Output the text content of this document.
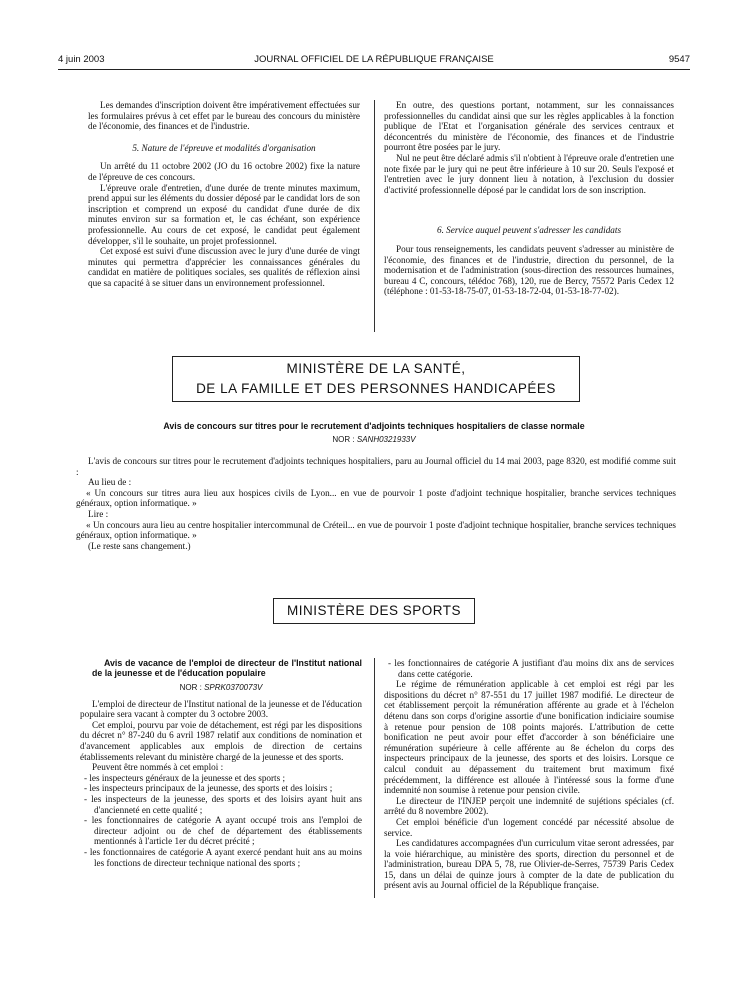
4 juin 2003	JOURNAL OFFICIEL DE LA RÉPUBLIQUE FRANÇAISE	9547

Les demandes d'inscription doivent être impérativement effectuées sur les formulaires prévus à cet effet par le bureau des concours du ministère de l'économie, des finances et de l'industrie.

5. Nature de l'épreuve et modalités d'organisation

Un arrêté du 11 octobre 2002 (JO du 16 octobre 2002) fixe la nature de l'épreuve de ces concours.

L'épreuve orale d'entretien, d'une durée de trente minutes maximum, prend appui sur les éléments du dossier déposé par le candidat lors de son inscription et comprend un exposé du candidat d'une durée de dix minutes environ sur sa formation et, le cas échéant, son expérience professionnelle. Au cours de cet exposé, le candidat peut également développer, s'il le souhaite, un projet professionnel.

Cet exposé est suivi d'une discussion avec le jury d'une durée de vingt minutes qui permettra d'apprécier les connaissances générales du candidat en matière de politiques sociales, ses qualités de réflexion ainsi que sa capacité à se situer dans un environnement professionnel.

En outre, des questions portant, notamment, sur les connaissances professionnelles du candidat ainsi que sur les règles applicables à la fonction publique de l'Etat et l'organisation générale des services centraux et déconcentrés du ministère de l'économie, des finances et de l'industrie pourront être posées par le jury.

Nul ne peut être déclaré admis s'il n'obtient à l'épreuve orale d'entretien une note fixée par le jury qui ne peut être inférieure à 10 sur 20. Seuls l'exposé et l'entretien avec le jury donnent lieu à notation, à l'exclusion du dossier d'activité professionnelle déposé par le candidat lors de son inscription.

6. Service auquel peuvent s'adresser les candidats

Pour tous renseignements, les candidats peuvent s'adresser au ministère de l'économie, des finances et de l'industrie, direction du personnel, de la modernisation et de l'administration (sous-direction des ressources humaines, bureau 4 C, concours, télédoc 768), 120, rue de Bercy, 75572 Paris Cedex 12 (téléphone : 01-53-18-75-07, 01-53-18-72-04, 01-53-18-77-02).

MINISTÈRE DE LA SANTÉ,
DE LA FAMILLE ET DES PERSONNES HANDICAPÉES
Avis de concours sur titres pour le recrutement d'adjoints techniques hospitaliers de classe normale
NOR : SANH0321933V

L'avis de concours sur titres pour le recrutement d'adjoints techniques hospitaliers, paru au Journal officiel du 14 mai 2003, page 8320, est modifié comme suit :

Au lieu de :

« Un concours sur titres aura lieu aux hospices civils de Lyon... en vue de pourvoir 1 poste d'adjoint technique hospitalier, branche services techniques généraux, option informatique. »

Lire :

« Un concours aura lieu au centre hospitalier intercommunal de Créteil... en vue de pourvoir 1 poste d'adjoint technique hospitalier, branche services techniques généraux, option informatique. »

(Le reste sans changement.)

MINISTÈRE DES SPORTS

Avis de vacance de l'emploi de directeur de l'Institut national de la jeunesse et de l'éducation populaire

NOR : SPRK0370073V

L'emploi de directeur de l'Institut national de la jeunesse et de l'éducation populaire sera vacant à compter du 3 octobre 2003.

Cet emploi, pourvu par voie de détachement, est régi par les dispositions du décret n° 87-240 du 6 avril 1987 relatif aux conditions de nomination et d'avancement applicables aux emplois de direction de certains établissements relevant du ministère chargé de la jeunesse et des sports.

Peuvent être nommés à cet emploi :

- les inspecteurs généraux de la jeunesse et des sports ;
- les inspecteurs principaux de la jeunesse, des sports et des loisirs ;
- les inspecteurs de la jeunesse, des sports et des loisirs ayant huit ans d'ancienneté en cette qualité ;
- les fonctionnaires de catégorie A ayant occupé trois ans l'emploi de directeur adjoint ou de chef de département des établissements mentionnés à l'article 1er du décret précité ;
- les fonctionnaires de catégorie A ayant exercé pendant huit ans au moins les fonctions de directeur technique national des sports ;
- les fonctionnaires de catégorie A justifiant d'au moins dix ans de services dans cette catégorie.

Le régime de rémunération applicable à cet emploi est régi par les dispositions du décret n° 87-551 du 17 juillet 1987 modifié. Le directeur de cet établissement perçoit la rémunération afférente au grade et à l'échelon détenu dans son corps d'origine assortie d'une bonification indiciaire soumise à retenue pour pension de 108 points majorés. L'attribution de cette bonification ne peut avoir pour effet d'accorder à son bénéficiaire une rémunération supérieure à celle afférente au 8e échelon du corps des inspecteurs principaux de la jeunesse, des sports et des loisirs. Lorsque ce calcul conduit au dépassement du traitement brut maximum fixé précédemment, la différence est allouée à l'intéressé sous la forme d'une indemnité non soumise à retenue pour pension civile.

Le directeur de l'INJEP perçoit une indemnité de sujétions spéciales (cf. arrêté du 8 novembre 2002).

Cet emploi bénéficie d'un logement concédé par nécessité absolue de service.

Les candidatures accompagnées d'un curriculum vitae seront adressées, par la voie hiérarchique, au ministère des sports, direction du personnel et de l'administration, bureau DPA 5, 78, rue Olivier-de-Serres, 75739 Paris Cedex 15, dans un délai de quinze jours à compter de la date de publication du présent avis au Journal officiel de la République française.
